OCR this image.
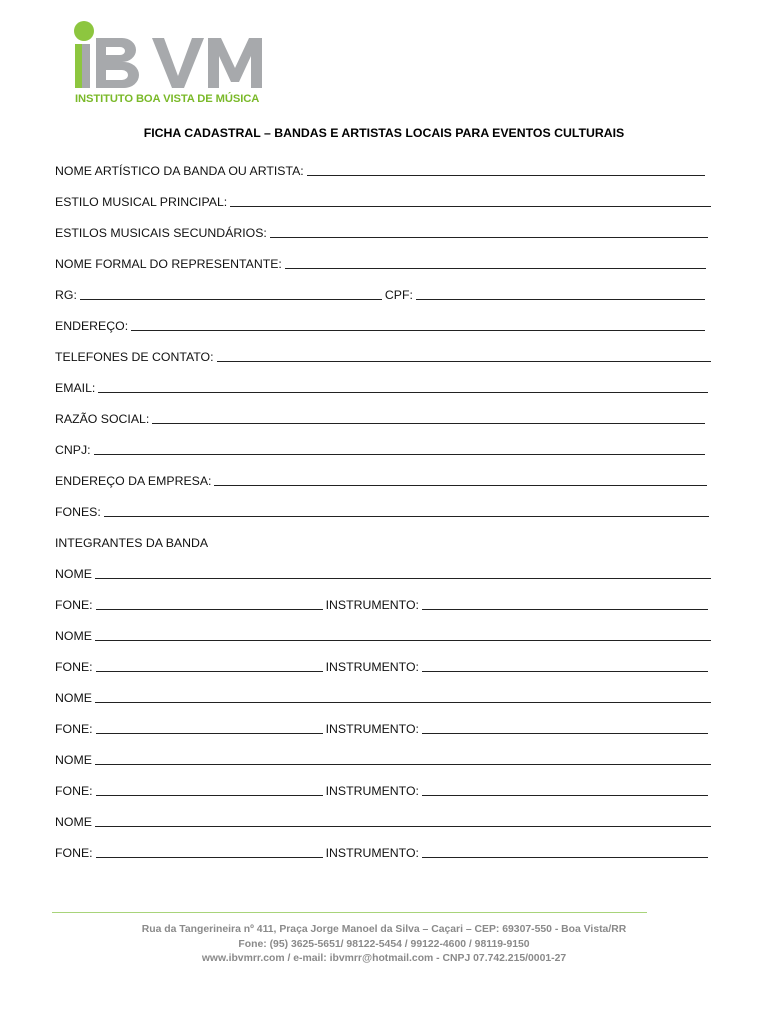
INSTITUTO BOA VISTA DE MÚSICA
FICHA CADASTRAL – BANDAS E ARTISTAS LOCAIS PARA EVENTOS CULTURAIS
NOME ARTÍSTICO DA BANDA OU ARTISTA:
ESTILO MUSICAL PRINCIPAL:
ESTILOS MUSICAIS SECUNDÁRIOS:
NOME FORMAL DO REPRESENTANTE:
RG:	CPF:
ENDEREÇO:
TELEFONES DE CONTATO:
EMAIL:
RAZÃO SOCIAL:
CNPJ:
ENDEREÇO DA EMPRESA:
FONES:
INTEGRANTES DA BANDA
NOME
FONE:	INSTRUMENTO:
NOME
FONE:	INSTRUMENTO:
NOME
FONE:	INSTRUMENTO:
NOME
FONE:	INSTRUMENTO:
NOME
FONE:	INSTRUMENTO:
Rua da Tangerineira nº 411, Praça Jorge Manoel da Silva – Caçari – CEP: 69307-550 - Boa Vista/RR
Fone: (95) 3625-5651/ 98122-5454 / 99122-4600 / 98119-9150
www.ibvmrr.com / e-mail: ibvmrr@hotmail.com - CNPJ 07.742.215/0001-27
